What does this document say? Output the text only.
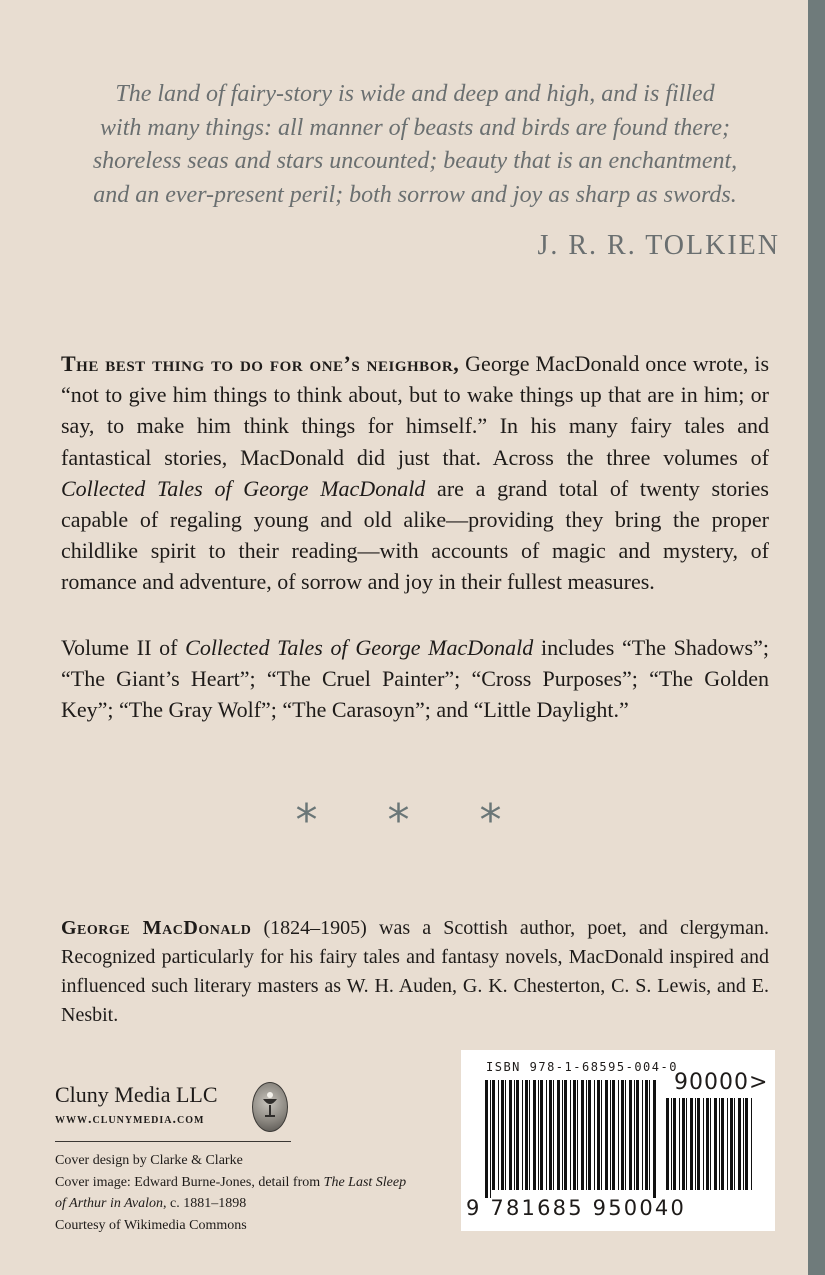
The land of fairy-story is wide and deep and high, and is filled
with many things: all manner of beasts and birds are found there;
shoreless seas and stars uncounted; beauty that is an enchantment,
and an ever-present peril; both sorrow and joy as sharp as swords.
J. R. R. TOLKIEN
The best thing to do for one’s neighbor, George MacDonald once wrote, is “not to give him things to think about, but to wake things up that are in him; or say, to make him think things for himself.” In his many fairy tales and fantastical stories, MacDonald did just that. Across the three volumes of Collected Tales of George MacDonald are a grand total of twenty stories capable of regaling young and old alike—providing they bring the proper childlike spirit to their reading—with accounts of magic and mystery, of romance and adventure, of sorrow and joy in their fullest measures.
Volume II of Collected Tales of George MacDonald includes “The Shadows”; “The Giant’s Heart”; “The Cruel Painter”; “Cross Purposes”; “The Golden Key”; “The Gray Wolf”; “The Carasoyn”; and “Little Daylight.”
* * *
George MacDonald (1824–1905) was a Scottish author, poet, and clergyman. Recognized particularly for his fairy tales and fantasy novels, MacDonald inspired and influenced such literary masters as W. H. Auden, G. K. Chesterton, C. S. Lewis, and E. Nesbit.
Cluny Media LLC
www.clunymedia.com
Cover design by Clarke & Clarke
Cover image: Edward Burne-Jones, detail from The Last Sleep
of Arthur in Avalon, c. 1881–1898
Courtesy of Wikimedia Commons
ISBN 978-1-68595-004-0
90000>
9 781685 950040
